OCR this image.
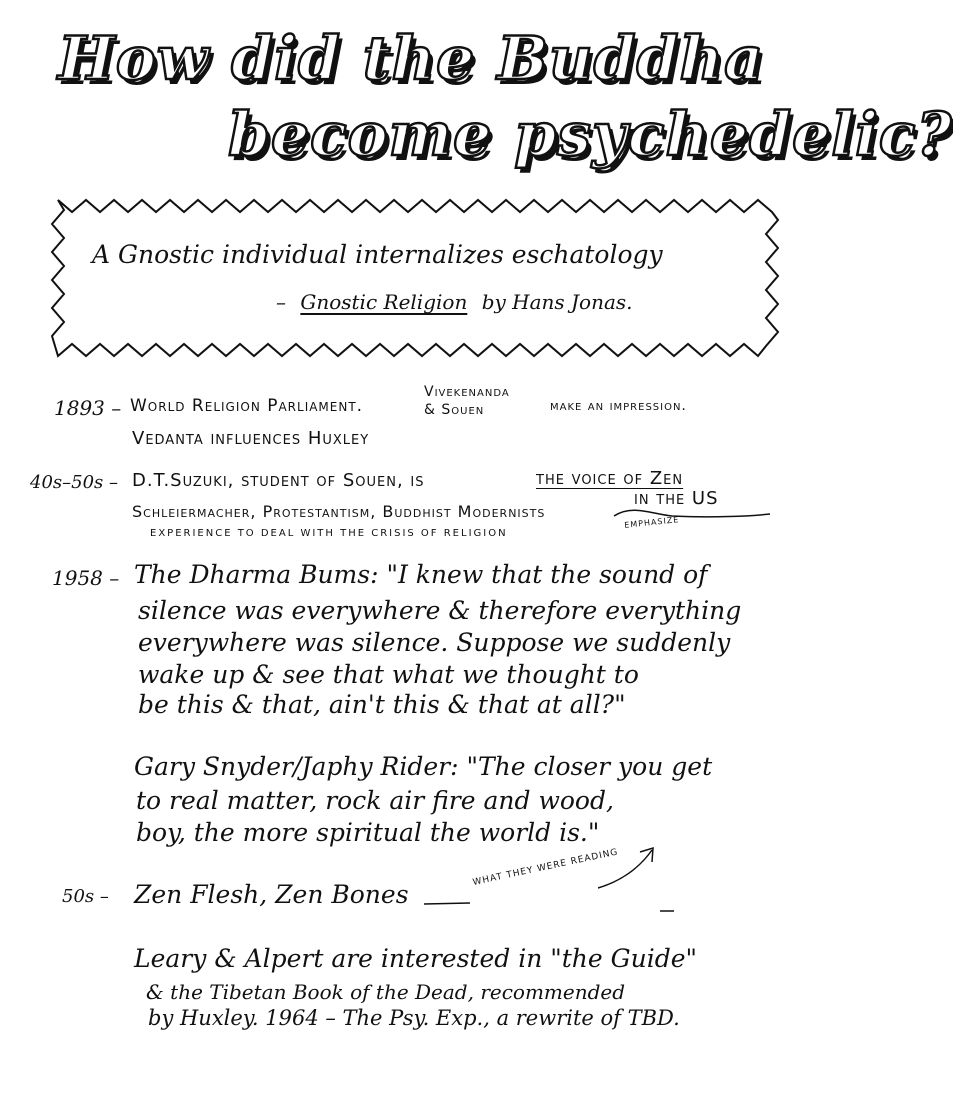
How did the Buddha
become psychedelic?
A Gnostic individual internalizes eschatology
– Gnostic Religion by Hans Jonas.
1893 – World Religion Parliament.
Vivekenanda
& Souen	make an impression.
Vedanta influences Huxley
40s–50s – D.T.Suzuki, student of Souen, is	the voice of Zen
in the US
Schleiermacher, Protestantism, Buddhist Modernists	emphasize
EXPERIENCE TO DEAL WITH THE CRISIS OF RELIGION
1958 – The Dharma Bums: "I knew that the sound of
silence was everywhere & therefore everything
everywhere was silence. Suppose we suddenly
wake up & see that what we thought to
be this & that, ain't this & that at all?"
Gary Snyder/Japhy Rider: "The closer you get
to real matter, rock air fire and wood,
boy, the more spiritual the world is."
50s – Zen Flesh, Zen Bones
WHAT THEY WERE READING
Leary & Alpert are interested in "the Guide"
& the Tibetan Book of the Dead, recommended
by Huxley. 1964 – The Psy. Exp., a rewrite of TBD.
